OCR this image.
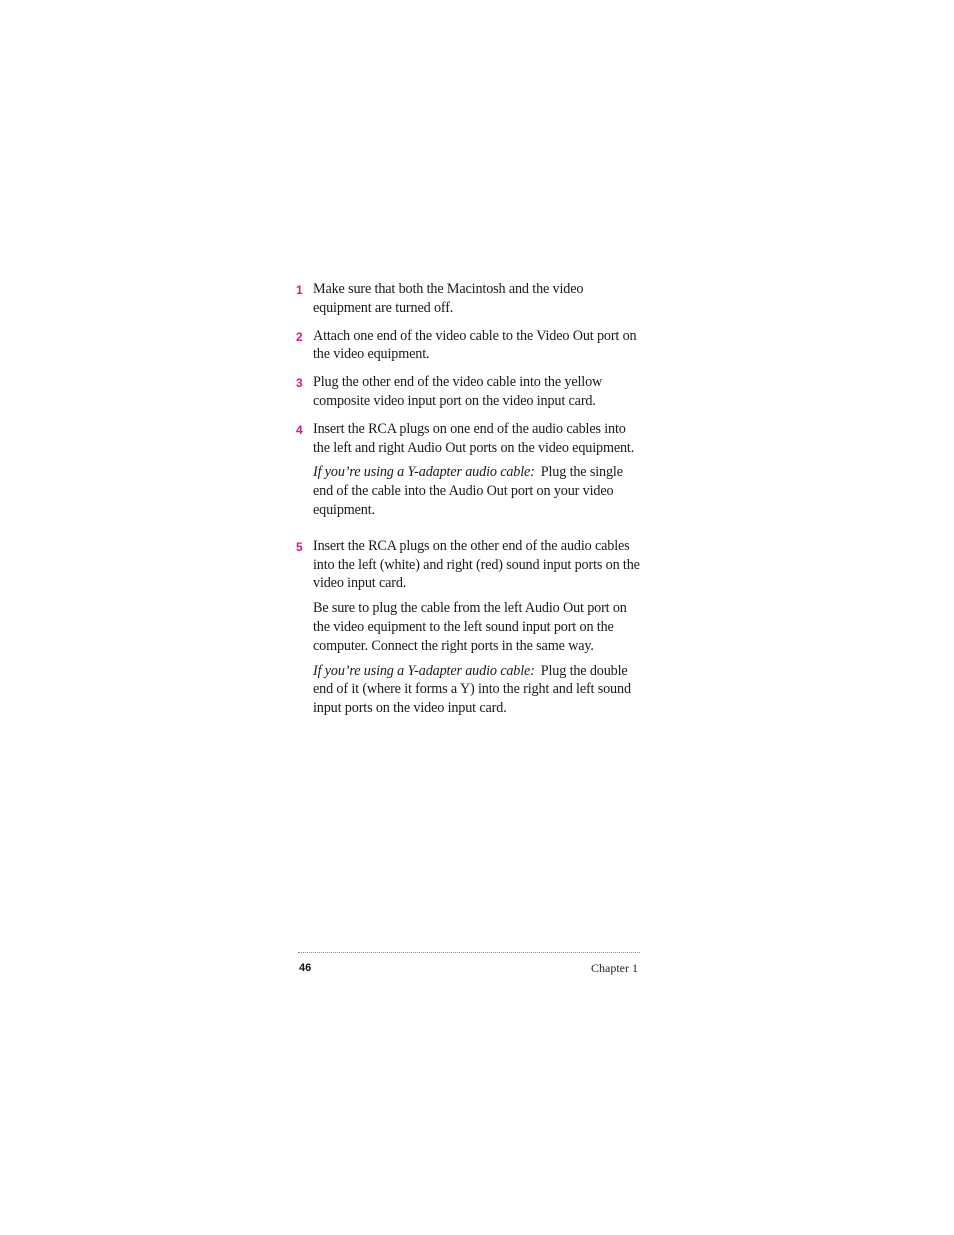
1 Make sure that both the Macintosh and the video equipment are turned off.

2 Attach one end of the video cable to the Video Out port on the video equipment.

3 Plug the other end of the video cable into the yellow composite video input port on the video input card.

4 Insert the RCA plugs on one end of the audio cables into the left and right Audio Out ports on the video equipment.

If you’re using a Y-adapter audio cable: Plug the single end of the cable into the Audio Out port on your video equipment.

5 Insert the RCA plugs on the other end of the audio cables into the left (white) and right (red) sound input ports on the video input card.

Be sure to plug the cable from the left Audio Out port on the video equipment to the left sound input port on the computer. Connect the right ports in the same way.

If you’re using a Y-adapter audio cable: Plug the double end of it (where it forms a Y) into the right and left sound input ports on the video input card.

46	Chapter 1
